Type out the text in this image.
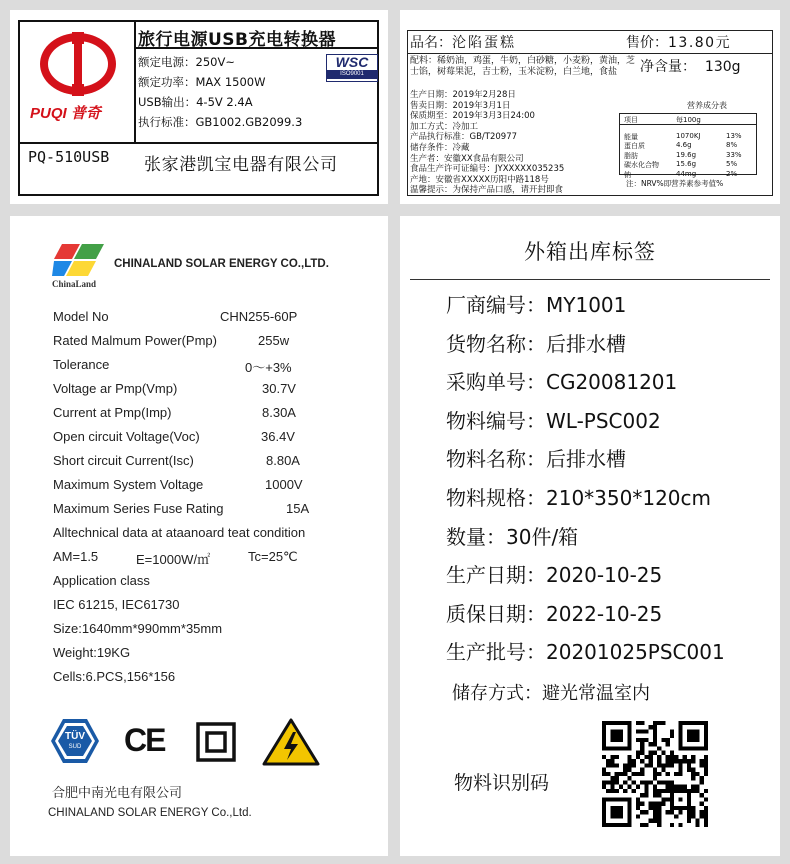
PUQI 普奇
旅行电源USB充电转换器
额定电源：250V~
额定功率：MAX 1500W
USB输出：4-5V 2.4A
执行标准：GB1002.GB2099.3
WSC
ISO9001
PQ-510USB 张家港凯宝电器有限公司
品名：沦陷蛋糕	售价：13.80元
配料：稀奶油，鸡蛋，牛奶，白砂糖，小麦粉，黄油，芝士馅，树莓果泥，吉士粉，玉米淀粉，白兰地，食盐	净含量： 130g
生产日期：2019年2月28日
售卖日期：2019年3月1日
保质期至：2019年3月3日24:00
加工方式：冷加工
产品执行标准：GB/T20977
储存条件：冷藏
生产者：安徽XX食品有限公司
食品生产许可证编号：JYXXXXX035235
产地：安徽省XXXXX历阳中路118号
温馨提示：为保持产品口感，请开封即食
营养成分表
项目	每100g
能量	1070KJ	13%
蛋白质	4.6g	8%
脂肪	19.6g	33%
碳水化合物 15.6g	5%
钠	44mg	2%
注：NRV%即营养素参考值%
CHINALAND SOLAR ENERGY CO.,LTD.
ChinaLand
Model No	CHN255-60P
Rated Malmum Power(Pmp)	255w
Tolerance	0～+3%
Voltage ar Pmp(Vmp)	30.7V
Current at Pmp(Imp)	8.30A
Open circuit Voltage(Voc)	36.4V
Short circuit Current(Isc)	8.80A
Maximum System Voltage	1000V
Maximum Series Fuse Rating	15A
Alltechnical data at ataanoard teat condition
AM=1.5	E=1000W/㎡	Tc=25℃
Application class
IEC 61215, IEC61730
Size:1640mm*990mm*35mm
Weight:19KG
Cells:6.PCS,156*156
TÜV
SUD	CE
合肥中南光电有限公司
CHINALAND SOLAR ENERGY Co.,Ltd.
外箱出库标签
厂商编号：MY1001
货物名称：后排水槽
采购单号：CG20081201
物料编号：WL-PSC002
物料名称：后排水槽
物料规格：210*350*120cm
数量：30件/箱
生产日期：2020-10-25
质保日期：2022-10-25
生产批号：20201025PSC001
储存方式：避光常温室内
物料识别码
